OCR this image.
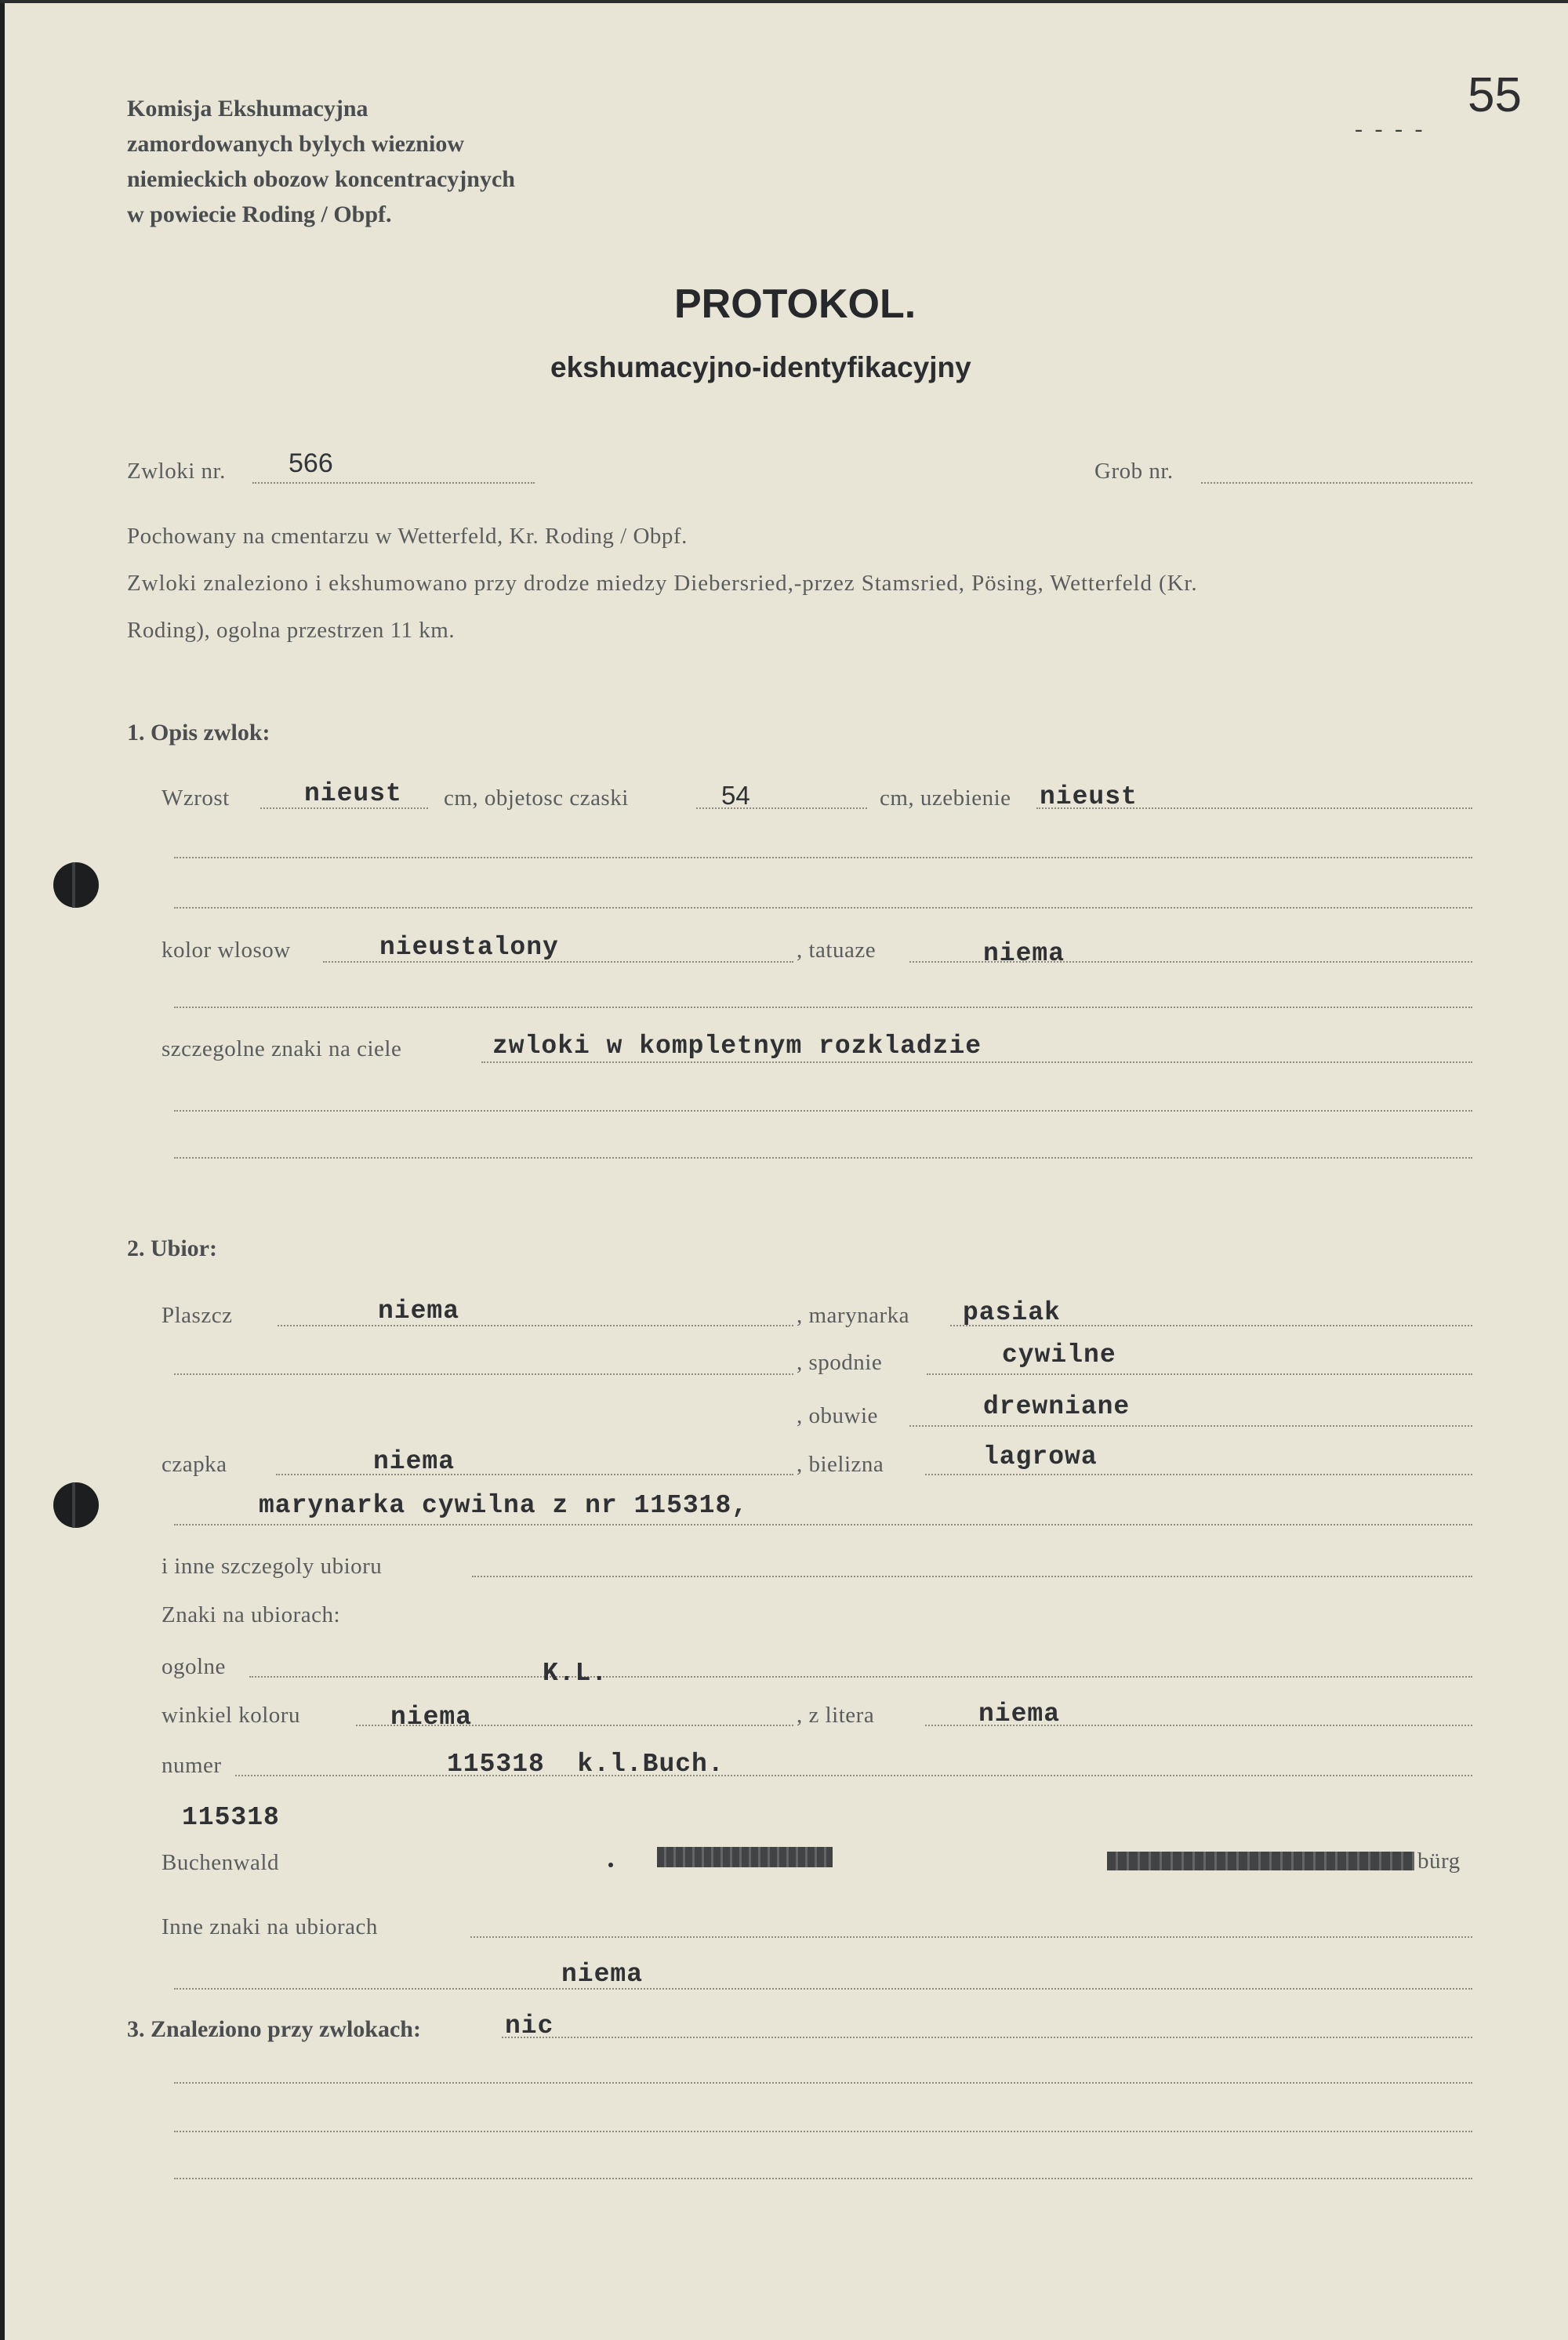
55
- - - -
Komisja Ekshumacyjna
zamordowanych bylych wiezniow
niemieckich obozow koncentracyjnych
w powiecie Roding / Obpf.
PROTOKOL.
ekshumacyjno-identyfikacyjny
Zwloki nr. 566	Grob nr.
Pochowany na cmentarzu w Wetterfeld, Kr. Roding / Obpf.
Zwloki znaleziono i ekshumowano przy drodze miedzy Diebersried,-przez Stamsried, Pösing, Wetterfeld (Kr.
Roding), ogolna przestrzen 11 km.
1. Opis zwlok:
Wzrost	nieust cm, objetosc czaski	54	cm, uzebienie nieust
kolor wlosow	nieustalony	, tatuaze	niema
szczegolne znaki na ciele	zwloki w kompletnym rozkladzie
2. Ubior:
Plaszcz	niema	, marynarka pasiak
, spodnie	cywilne
, obuwie	drewniane
czapka	niema	, bielizna	lagrowa
marynarka cywilna z nr 115318,
i inne szczegoly ubioru
Znaki na ubiorach:
ogolne	K.L.
winkiel koloru	niema	, z litera	niema
numer	115318  k.l.Buch.
115318
Buchenwald	bürg
Inne znaki na ubiorach
niema
3. Znaleziono przy zwlokach:	nic
